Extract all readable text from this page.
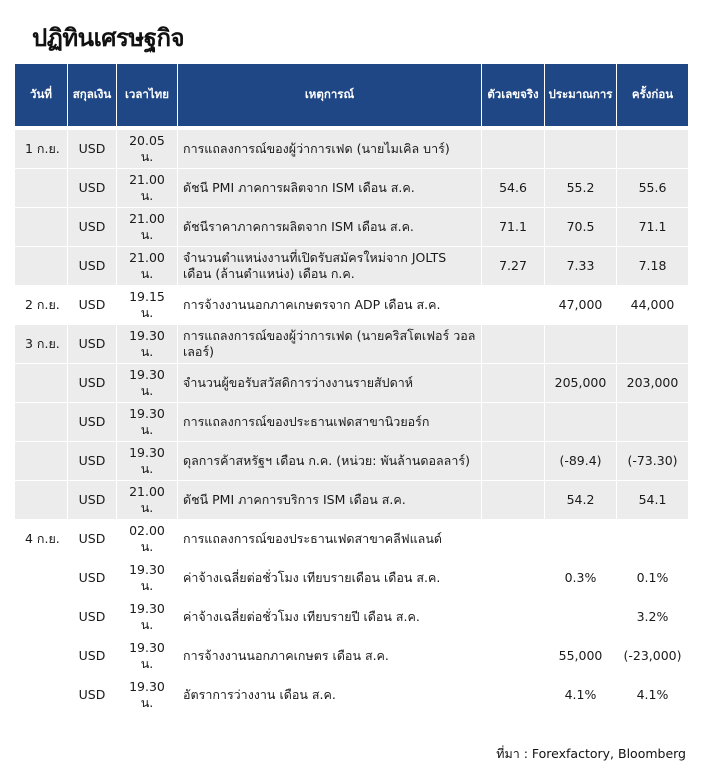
ปฏิทินเศรษฐกิจ
วันที่	สกุลเงิน	เวลาไทย	เหตุการณ์	ตัวเลขจริง	ประมาณการ	ครั้งก่อน
1 ก.ย.	USD	20.05 น.	การแถลงการณ์ของผู้ว่าการเฟด (นายไมเคิล บาร์)			
	USD	21.00 น.	ดัชนี PMI ภาคการผลิตจาก ISM เดือน ส.ค.	54.6	55.2	55.6
	USD	21.00 น.	ดัชนีราคาภาคการผลิตจาก ISM เดือน ส.ค.	71.1	70.5	71.1
	USD	21.00 น.	จำนวนตำแหน่งงานที่เปิดรับสมัครใหม่จาก JOLTS เดือน (ล้านตำแหน่ง) เดือน ก.ค.	7.27	7.33	7.18
2 ก.ย.	USD	19.15 น.	การจ้างงานนอกภาคเกษตรจาก ADP เดือน ส.ค.		47,000	44,000
3 ก.ย.	USD	19.30 น.	การแถลงการณ์ของผู้ว่าการเฟด (นายคริสโตเฟอร์ วอลเลอร์)			
	USD	19.30 น.	จำนวนผู้ขอรับสวัสดิการว่างงานรายสัปดาห์		205,000	203,000
	USD	19.30 น.	การแถลงการณ์ของประธานเฟดสาขานิวยอร์ก			
	USD	19.30 น.	ดุลการค้าสหรัฐฯ เดือน ก.ค. (หน่วย: พันล้านดอลลาร์)		(-89.4)	(-73.30)
	USD	21.00 น.	ดัชนี PMI ภาคการบริการ ISM เดือน ส.ค.		54.2	54.1
4 ก.ย.	USD	02.00 น.	การแถลงการณ์ของประธานเฟดสาขาคลีฟแลนด์			
	USD	19.30 น.	ค่าจ้างเฉลี่ยต่อชั่วโมง เทียบรายเดือน เดือน ส.ค.		0.3%	0.1%
	USD	19.30 น.	ค่าจ้างเฉลี่ยต่อชั่วโมง เทียบรายปี เดือน ส.ค.			3.2%
	USD	19.30 น.	การจ้างงานนอกภาคเกษตร เดือน ส.ค.		55,000	(-23,000)
	USD	19.30 น.	อัตราการว่างงาน เดือน ส.ค.		4.1%	4.1%
ที่มา : Forexfactory, Bloomberg
